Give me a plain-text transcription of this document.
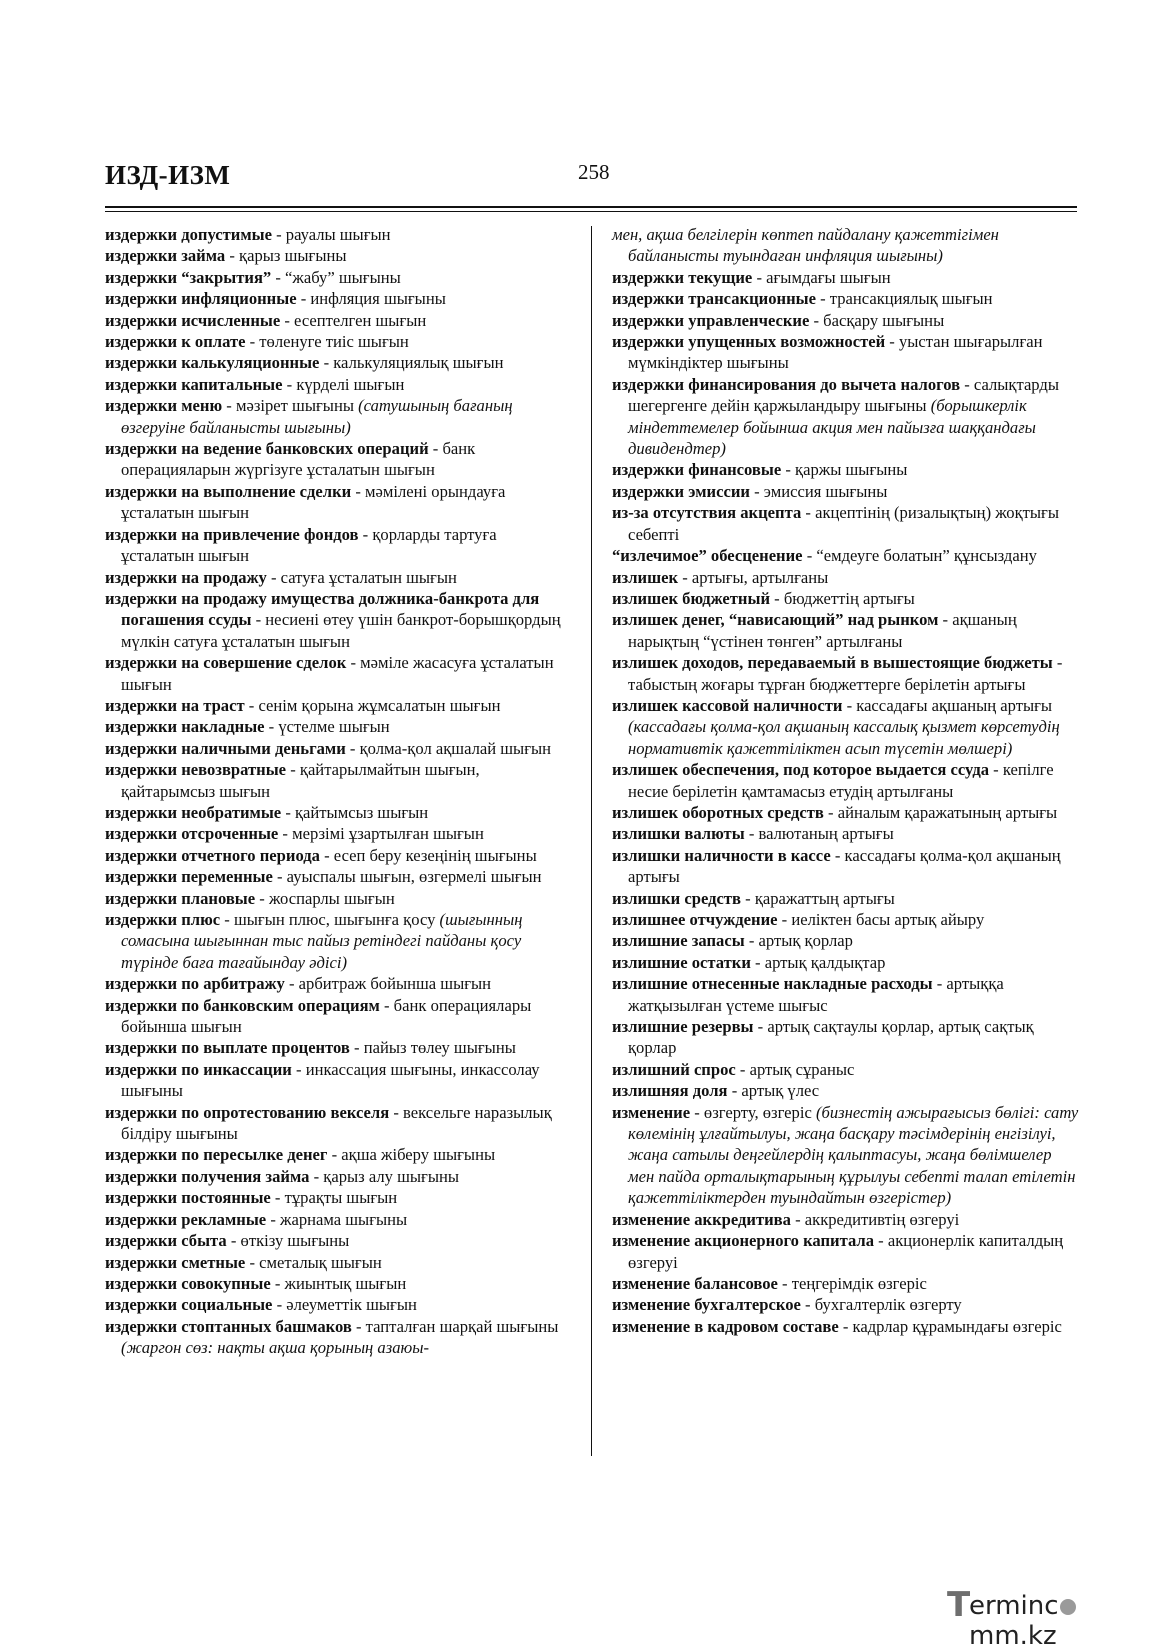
ИЗД-ИЗМ	258

издержки допустимые - рауалы шығын

издержки займа - қарыз шығыны

издержки “закрытия” - “жабу” шығыны

издержки инфляционные - инфляция шығыны

издержки исчисленные - есептелген шығын

издержки к оплате - төленуге тиіс шығын

издержки калькуляционные - калькуляциялық шығын

издержки капитальные - күрделі шығын

издержки меню - мәзірет шығыны (сатушының бағаның өзгеруіне байланысты шығыны)

издержки на ведение банковских операций - банк операцияларын жүргізуге ұсталатын шығын

издержки на выполнение сделки - мәмілені орындауға ұсталатын шығын

издержки на привлечение фондов - қорларды тартуға ұсталатын шығын

издержки на продажу - сатуға ұсталатын шығын

издержки на продажу имущества должника-банкрота для погашения ссуды - несиені өтеу үшін банкрот-борышқордың мүлкін сатуға ұсталатын шығын

издержки на совершение сделок - мәміле жасасуға ұсталатын шығын

издержки на траст - сенім қорына жұмсалатын шығын

издержки накладные - үстелме шығын

издержки наличными деньгами - қолма-қол ақшалай шығын

издержки невозвратные - қайтарылмайтын шығын, қайтарымсыз шығын

издержки необратимые - қайтымсыз шығын

издержки отсроченные - мерзімі ұзартылған шығын

издержки отчетного периода - есеп беру кезеңінің шығыны

издержки переменные - ауыспалы шығын, өзгермелі шығын

издержки плановые - жоспарлы шығын

издержки плюс - шығын плюс, шығынға қосу (шығынның сомасына шығыннан тыс пайыз ретіндегі пайданы қосу түрінде баға тағайындау әдісі)

издержки по арбитражу - арбитраж бойынша шығын

издержки по банковским операциям - банк операциялары бойынша шығын

издержки по выплате процентов - пайыз төлеу шығыны

издержки по инкассации - инкассация шығыны, инкассолау шығыны

издержки по опротестованию векселя - вексельге наразылық білдіру шығыны

издержки по пересылке денег - ақша жіберу шығыны

издержки получения займа - қарыз алу шығыны

издержки постоянные - тұрақты шығын

издержки рекламные - жарнама шығыны

издержки сбыта - өткізу шығыны

издержки сметные - сметалық шығын

издержки совокупные - жиынтық шығын

издержки социальные - әлеуметтік шығын

издержки стоптанных башмаков - тапталған шарқай шығыны (жаргон сөз: нақты ақша қорының азаюы-

мен, ақша белгілерін көптеп пайдалану қажеттігімен байланысты туындаған инфляция шығыны)

издержки текущие - ағымдағы шығын

издержки трансакционные - трансакциялық шығын

издержки управленческие - басқару шығыны

издержки упущенных возможностей - уыстан шығарылған мүмкіндіктер шығыны

издержки финансирования до вычета налогов - салықтарды шегергенге дейін қаржыландыру шығыны (борышкерлік міндеттемелер бойынша акция мен пайызға шаққандағы дивидендтер)

издержки финансовые - қаржы шығыны

издержки эмиссии - эмиссия шығыны

из-за отсутствия акцепта - акцептінің (ризалықтың) жоқтығы себепті

“излечимое” обесценение - “емдеуге болатын” құнсыздану

излишек - артығы, артылғаны

излишек бюджетный - бюджеттің артығы

излишек денег, “нависающий” над рынком - ақшаның нарықтың “үстінен төнген” артылғаны

излишек доходов, передаваемый в вышестоящие бюджеты - табыстың жоғары тұрған бюджеттерге берілетін артығы

излишек кассовой наличности - кассадағы ақшаның артығы (кассадағы қолма-қол ақшаның кассалық қызмет көрсетудің нормативтік қажеттіліктен асып түсетін мөлшері)

излишек обеспечения, под которое выдается ссуда - кепілге несие берілетін қамтамасыз етудің артылғаны

излишек оборотных средств - айналым қаражатының артығы

излишки валюты - валютаның артығы

излишки наличности в кассе - кассадағы қолма-қол ақшаның артығы

излишки средств - қаражаттың артығы

излишнее отчуждение - иеліктен басы артық айыру

излишние запасы - артық қорлар

излишние остатки - артық қалдықтар

излишние отнесенные накладные расходы - артыққа жатқызылған үстеме шығыс

излишние резервы - артық сақтаулы қорлар, артық сақтық қорлар

излишний спрос - артық сұраныс

излишняя доля - артық үлес

изменение - өзгерту, өзгеріс (бизнестің ажырағысыз бөлігі: сату көлемінің ұлғайтылуы, жаңа басқару тәсімдерінің енгізілуі, жаңа сатылы деңгейлердің қалыптасуы, жаңа бөлімшелер мен пайда орталықтарының құрылуы себепті талап етілетін қажеттіліктерден туындайтын өзгерістер)

изменение аккредитива - аккредитивтің өзгеруі

изменение акционерного капитала - акционерлік капиталдың өзгеруі

изменение балансовое - теңгерімдік өзгеріс

изменение бухгалтерское - бухгалтерлік өзгерту

изменение в кадровом составе - кадрлар құрамындағы өзгеріс

T
ermincmm.kz
